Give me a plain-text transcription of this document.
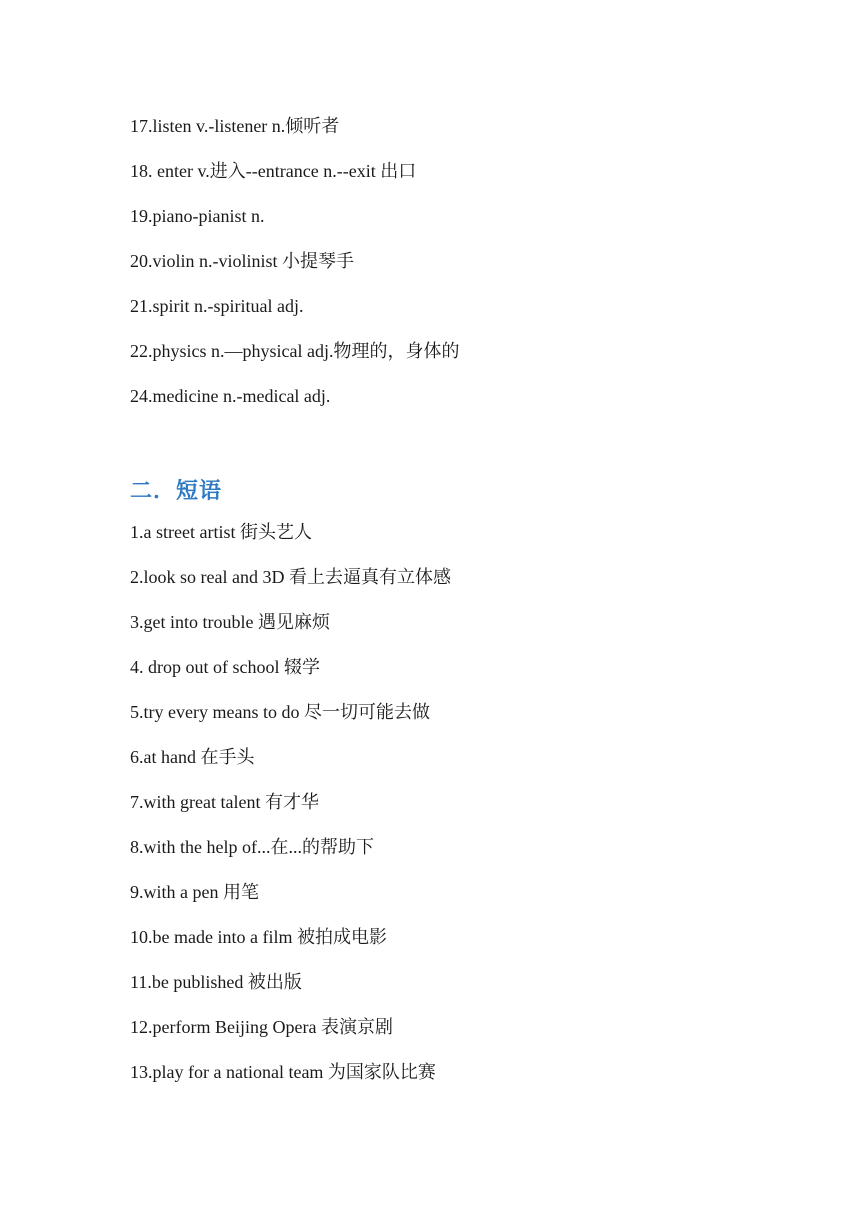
17.listen v.-listener n.倾听者
18. enter v.进入--entrance n.--exit 出口
19.piano-pianist n.
20.violin n.-violinist 小提琴手
21.spirit n.-spiritual adj.
22.physics n.—physical adj.物理的，身体的
24.medicine n.-medical adj.
二．短语
1.a street artist 街头艺人
2.look so real and 3D 看上去逼真有立体感
3.get into trouble 遇见麻烦
4. drop out of school 辍学
5.try every means to do 尽一切可能去做
6.at hand 在手头
7.with great talent 有才华
8.with the help of...在...的帮助下
9.with a pen 用笔
10.be made into a film 被拍成电影
11.be published 被出版
12.perform Beijing Opera 表演京剧
13.play for a national team 为国家队比赛
